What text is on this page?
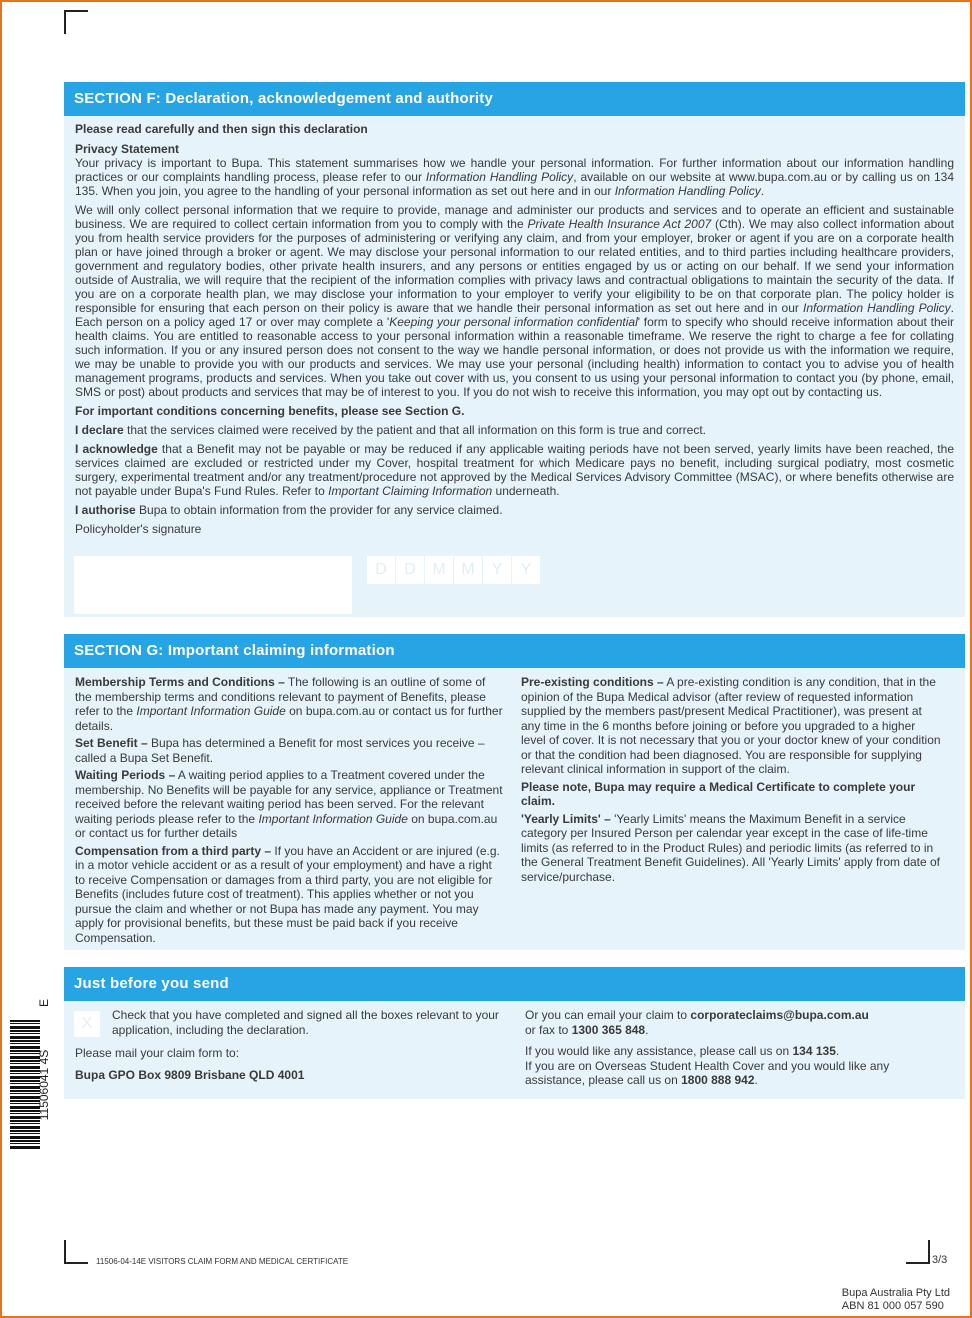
SECTION F: Declaration, acknowledgement and authority

Please read carefully and then sign this declaration

Privacy Statement

Your privacy is important to Bupa. This statement summarises how we handle your personal information. For further information about our information handling practices or our complaints handling process, please refer to our Information Handling Policy, available on our website at www.bupa.com.au or by calling us on 134 135. When you join, you agree to the handling of your personal information as set out here and in our Information Handling Policy.

We will only collect personal information that we require to provide, manage and administer our products and services and to operate an efficient and sustainable business. We are required to collect certain information from you to comply with the Private Health Insurance Act 2007 (Cth). We may also collect information about you from health service providers for the purposes of administering or verifying any claim, and from your employer, broker or agent if you are on a corporate health plan or have joined through a broker or agent. We may disclose your personal information to our related entities, and to third parties including healthcare providers, government and regulatory bodies, other private health insurers, and any persons or entities engaged by us or acting on our behalf. If we send your information outside of Australia, we will require that the recipient of the information complies with privacy laws and contractual obligations to maintain the security of the data. If you are on a corporate health plan, we may disclose your information to your employer to verify your eligibility to be on that corporate plan. The policy holder is responsible for ensuring that each person on their policy is aware that we handle their personal information as set out here and in our Information Handling Policy. Each person on a policy aged 17 or over may complete a 'Keeping your personal information confidential' form to specify who should receive information about their health claims. You are entitled to reasonable access to your personal information within a reasonable timeframe. We reserve the right to charge a fee for collating such information. If you or any insured person does not consent to the way we handle personal information, or does not provide us with the information we require, we may be unable to provide you with our products and services. We may use your personal (including health) information to contact you to advise you of health management programs, products and services. When you take out cover with us, you consent to us using your personal information to contact you (by phone, email, SMS or post) about products and services that may be of interest to you. If you do not wish to receive this information, you may opt out by contacting us.

For important conditions concerning benefits, please see Section G.

I declare that the services claimed were received by the patient and that all information on this form is true and correct.

I acknowledge that a Benefit may not be payable or may be reduced if any applicable waiting periods have not been served, yearly limits have been reached, the services claimed are excluded or restricted under my Cover, hospital treatment for which Medicare pays no benefit, including surgical podiatry, most cosmetic surgery, experimental treatment and/or any treatment/procedure not approved by the Medical Services Advisory Committee (MSAC), or where benefits otherwise are not payable under Bupa's Fund Rules. Refer to Important Claiming Information underneath.

I authorise Bupa to obtain information from the provider for any service claimed.

Policyholder's signature

D	D	M M	Y	Y
SECTION G: Important claiming information

Membership Terms and Conditions – The following is an outline of some of the membership terms and conditions relevant to payment of Benefits, please refer to the Important Information Guide on bupa.com.au or contact us for further details.

Set Benefit – Bupa has determined a Benefit for most services you receive – called a Bupa Set Benefit.

Waiting Periods – A waiting period applies to a Treatment covered under the membership. No Benefits will be payable for any service, appliance or Treatment received before the relevant waiting period has been served. For the relevant waiting periods please refer to the Important Information Guide on bupa.com.au or contact us for further details

Compensation from a third party – If you have an Accident or are injured (e.g. in a motor vehicle accident or as a result of your employment) and have a right to receive Compensation or damages from a third party, you are not eligible for Benefits (includes future cost of treatment). This applies whether or not you pursue the claim and whether or not Bupa has made any payment. You may apply for provisional benefits, but these must be paid back if you receive Compensation.

Pre-existing conditions – A pre-existing condition is any condition, that in the opinion of the Bupa Medical advisor (after review of requested information supplied by the members past/present Medical Practitioner), was present at any time in the 6 months before joining or before you upgraded to a higher level of cover. It is not necessary that you or your doctor knew of your condition or that the condition had been diagnosed. You are responsible for supplying relevant clinical information in support of the claim.

Please note, Bupa may require a Medical Certificate to complete your claim.

'Yearly Limits' – 'Yearly Limits' means the Maximum Benefit in a service category per Insured Person per calendar year except in the case of life-time limits (as referred to in the Product Rules) and periodic limits (as referred to in the General Treatment Benefit Guidelines). All 'Yearly Limits' apply from date of service/purchase.

Just before you send
X	Check that you have completed and signed all the boxes relevant to your application, including the declaration.
Please mail your claim form to:
Bupa GPO Box 9809 Brisbane QLD 4001
Or you can email your claim to corporateclaims@bupa.com.au
or fax to 1300 365 848.
If you would like any assistance, please call us on 134 135.
If you are on Overseas Student Health Cover and you would like any assistance, please call us on 1800 888 942.
E
11506041 4S
11506-04-14E VISITORS CLAIM FORM AND MEDICAL CERTIFICATE	3/3
Bupa Australia Pty Ltd
ABN 81 000 057 590
